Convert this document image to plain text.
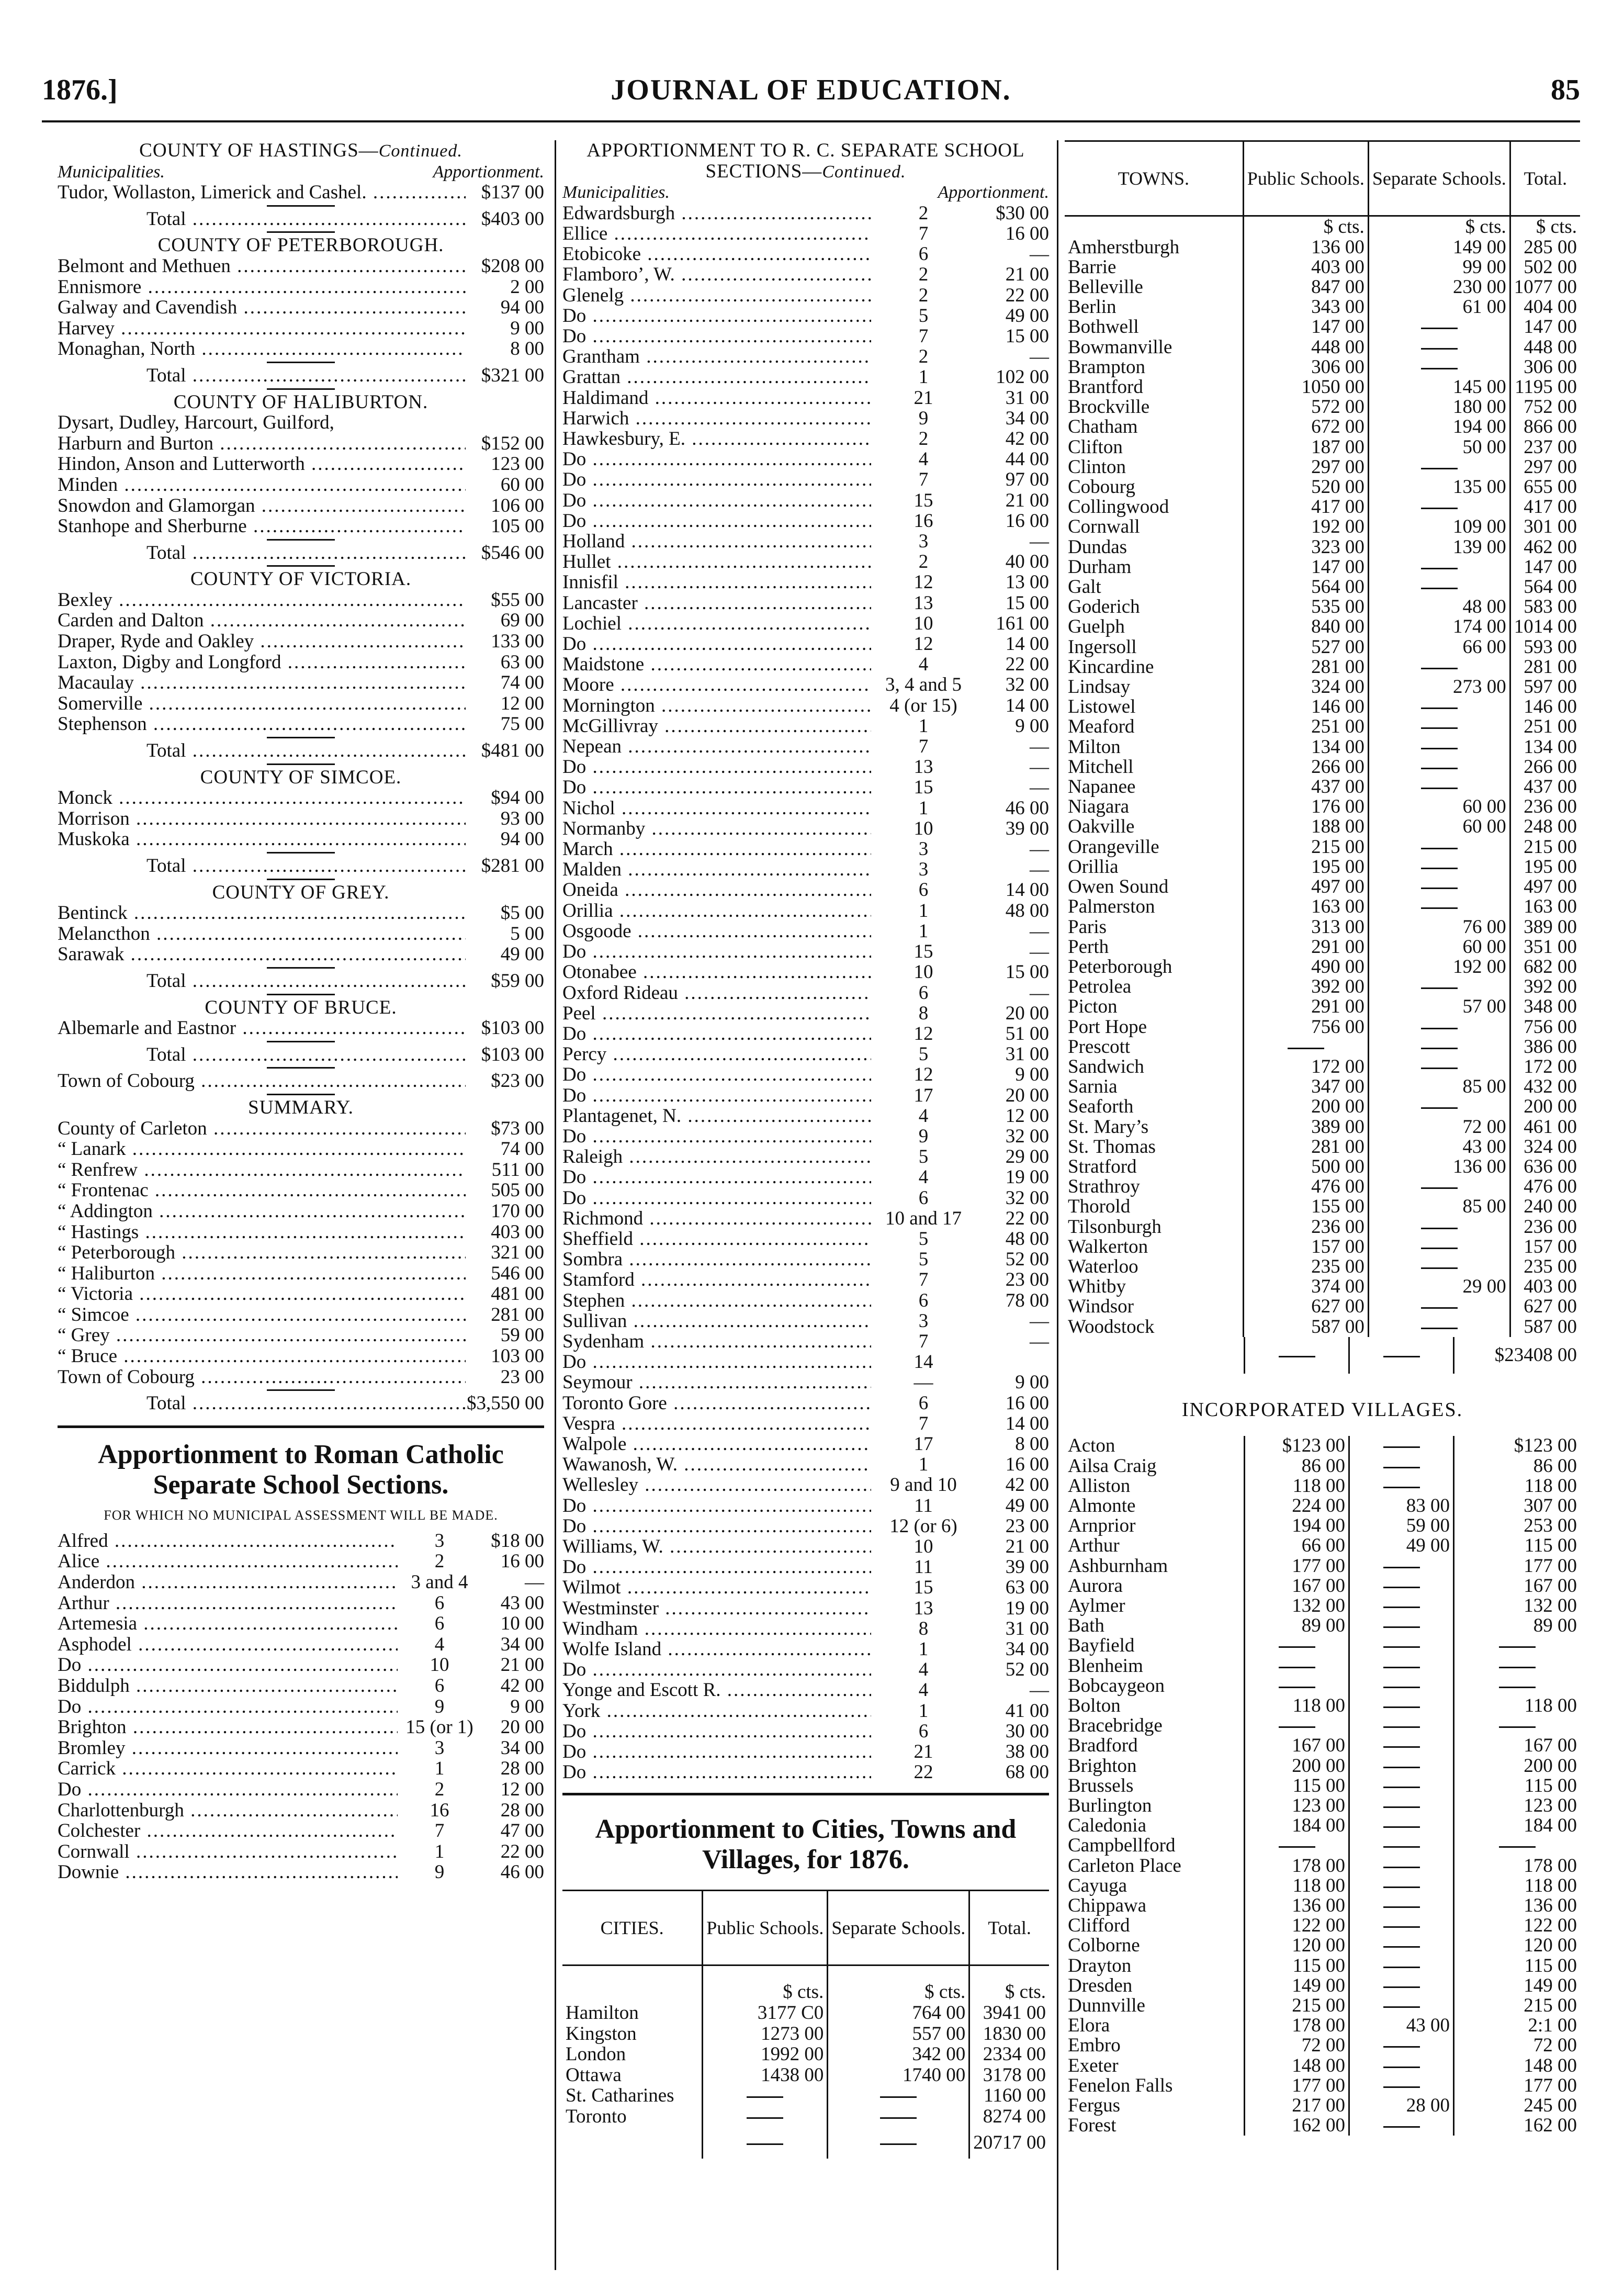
1876.]	JOURNAL OF EDUCATION.	85
COUNTY OF HASTINGS—Continued.
Municipalities.	Apportionment.
Tudor, Wollaston, Limerick and Cashel. .....	$137 00
Total .....	$403 00
COUNTY OF PETERBOROUGH.
Belmont and Methuen .....	$208 00
Ennismore .....	2 00
Galway and Cavendish .....	94 00
Harvey .....	9 00
Monaghan, North .....	8 00
Total .....	$321 00
COUNTY OF HALIBURTON.
Dysart, Dudley, Harcourt, Guilford,
Harburn and Burton .....	$152 00
Hindon, Anson and Lutterworth .....	123 00
Minden .....	60 00
Snowdon and Glamorgan .....	106 00
Stanhope and Sherburne .....	105 00
Total .....	$546 00
COUNTY OF VICTORIA.
Bexley .....	$55 00
Carden and Dalton .....	69 00
Draper, Ryde and Oakley .....	133 00
Laxton, Digby and Longford .....	63 00
Macaulay .....	74 00
Somerville .....	12 00
Stephenson .....	75 00
Total .....	$481 00
COUNTY OF SIMCOE.
Monck .....	$94 00
Morrison .....	93 00
Muskoka .....	94 00
Total .....	$281 00
COUNTY OF GREY.
Bentinck .....	$5 00
Melancthon .....	5 00
Sarawak .....	49 00
Total .....	$59 00
COUNTY OF BRUCE.
Albemarle and Eastnor .....	$103 00
Total .....	$103 00
Town of Cobourg .....	$23 00
SUMMARY.
County of Carleton .....	$73 00
“ Lanark .....	74 00
“ Renfrew .....	511 00
“ Frontenac .....	505 00
“ Addington .....	170 00
“ Hastings .....	403 00
“ Peterborough .....	321 00
“ Haliburton .....	546 00
“ Victoria .....	481 00
“ Simcoe .....	281 00
“ Grey .....	59 00
“ Bruce .....	103 00
Town of Cobourg .....	23 00
Total .....	$3,550 00
Apportionment to Roman Catholic Separate School Sections.
FOR WHICH NO MUNICIPAL ASSESSMENT WILL BE MADE.
Alfred .....	3	$18 00
Alice .....	2	16 00
Anderdon .....	3 and 4	—
Arthur .....	6	43 00
Artemesia .....	6	10 00
Asphodel .....	4	34 00
Do .....	10	21 00
Biddulph .....	6	42 00
Do .....	9	9 00
Brighton .....	15 (or 1)	20 00
Bromley .....	3	34 00
Carrick .....	1	28 00
Do .....	2	12 00
Charlottenburgh .....	16	28 00
Colchester .....	7	47 00
Cornwall .....	1	22 00
Downie .....	9	46 00
APPORTIONMENT TO R. C. SEPARATE SCHOOL SECTIONS—Continued.
Municipalities.	Apportionment.
Edwardsburgh .....	2	$30 00
Ellice .....	7	16 00
Etobicoke .....	6	—
Flamboro’, W. .....	2	21 00
Glenelg .....	2	22 00
Do .....	5	49 00
Do .....	7	15 00
Grantham .....	2	—
Grattan .....	1	102 00
Haldimand .....	21	31 00
Harwich .....	9	34 00
Hawkesbury, E. .....	2	42 00
Do .....	4	44 00
Do .....	7	97 00
Do .....	15	21 00
Do .....	16	16 00
Holland .....	3	—
Hullet .....	2	40 00
Innisfil .....	12	13 00
Lancaster .....	13	15 00
Lochiel .....	10	161 00
Do .....	12	14 00
Maidstone .....	4	22 00
Moore .....	3, 4 and 5	32 00
Mornington .....	4 (or 15)	14 00
McGillivray .....	1	9 00
Nepean .....	7	—
Do .....	13	—
Do .....	15	—
Nichol .....	1	46 00
Normanby .....	10	39 00
March .....	3	—
Malden .....	3	—
Oneida .....	6	14 00
Orillia .....	1	48 00
Osgoode .....	1	—
Do .....	15	—
Otonabee .....	10	15 00
Oxford Rideau .....	6	—
Peel .....	8	20 00
Do .....	12	51 00
Percy .....	5	31 00
Do .....	12	9 00
Do .....	17	20 00
Plantagenet, N. .....	4	12 00
Do .....	9	32 00
Raleigh .....	5	29 00
Do .....	4	19 00
Do .....	6	32 00
Richmond .....	10 and 17	22 00
Sheffield .....	5	48 00
Sombra .....	5	52 00
Stamford .....	7	23 00
Stephen .....	6	78 00
Sullivan .....	3	—
Sydenham .....	7	—
Do .....	14
Seymour .....	—	9 00
Toronto Gore .....	6	16 00
Vespra .....	7	14 00
Walpole .....	17	8 00
Wawanosh, W. .....	1	16 00
Wellesley .....	9 and 10	42 00
Do .....	11	49 00
Do .....	12 (or 6)	23 00
Williams, W. .....	10	21 00
Do .....	11	39 00
Wilmot .....	15	63 00
Westminster .....	13	19 00
Windham .....	8	31 00
Wolfe Island .....	1	34 00
Do .....	4	52 00
Yonge and Escott R. .....	4	—
York .....	1	41 00
Do .....	6	30 00
Do .....	21	38 00
Do .....	22	68 00
Apportionment to Cities, Towns and Villages, for 1876.
CITIES.	Public Schools.	Separate Schools.	Total.
	$ cts.	$ cts.	$ cts.
Hamilton	3177 C0	764 00	3941 00
Kingston	1273 00	557 00	1830 00
London	1992 00	342 00	2334 00
Ottawa	1438 00	1740 00	3178 00
St. Catharines			1160 00
Toronto			8274 00
			20717 00
TOWNS.	Public Schools.	Separate Schools.	Total.
	$ cts.	$ cts.	$ cts.
Amherstburgh	136 00	149 00	285 00
Barrie	403 00	99 00	502 00
Belleville	847 00	230 00	1077 00
Berlin	343 00	61 00	404 00
Bothwell	147 00		147 00
Bowmanville	448 00		448 00
Brampton	306 00		306 00
Brantford	1050 00	145 00	1195 00
Brockville	572 00	180 00	752 00
Chatham	672 00	194 00	866 00
Clifton	187 00	50 00	237 00
Clinton	297 00		297 00
Cobourg	520 00	135 00	655 00
Collingwood	417 00		417 00
Cornwall	192 00	109 00	301 00
Dundas	323 00	139 00	462 00
Durham	147 00		147 00
Galt	564 00		564 00
Goderich	535 00	48 00	583 00
Guelph	840 00	174 00	1014 00
Ingersoll	527 00	66 00	593 00
Kincardine	281 00		281 00
Lindsay	324 00	273 00	597 00
Listowel	146 00		146 00
Meaford	251 00		251 00
Milton	134 00		134 00
Mitchell	266 00		266 00
Napanee	437 00		437 00
Niagara	176 00	60 00	236 00
Oakville	188 00	60 00	248 00
Orangeville	215 00		215 00
Orillia	195 00		195 00
Owen Sound	497 00		497 00
Palmerston	163 00		163 00
Paris	313 00	76 00	389 00
Perth	291 00	60 00	351 00
Peterborough	490 00	192 00	682 00
Petrolea	392 00		392 00
Picton	291 00	57 00	348 00
Port Hope	756 00		756 00
Prescott			386 00
Sandwich	172 00		172 00
Sarnia	347 00	85 00	432 00
Seaforth	200 00		200 00
St. Mary’s	389 00	72 00	461 00
St. Thomas	281 00	43 00	324 00
Stratford	500 00	136 00	636 00
Strathroy	476 00		476 00
Thorold	155 00	85 00	240 00
Tilsonburgh	236 00		236 00
Walkerton	157 00		157 00
Waterloo	235 00		235 00
Whitby	374 00	29 00	403 00
Windsor	627 00		627 00
Woodstock	587 00		587 00
			$23408 00
INCORPORATED VILLAGES.
Acton	$123 00		$123 00
Ailsa Craig	86 00		86 00
Alliston	118 00		118 00
Almonte	224 00	83 00	307 00
Arnprior	194 00	59 00	253 00
Arthur	66 00	49 00	115 00
Ashburnham	177 00		177 00
Aurora	167 00		167 00
Aylmer	132 00		132 00
Bath	89 00		89 00
Bayfield			
Blenheim			
Bobcaygeon			
Bolton	118 00		118 00
Bracebridge			
Bradford	167 00		167 00
Brighton	200 00		200 00
Brussels	115 00		115 00
Burlington	123 00		123 00
Caledonia	184 00		184 00
Campbellford			
Carleton Place	178 00		178 00
Cayuga	118 00		118 00
Chippawa	136 00		136 00
Clifford	122 00		122 00
Colborne	120 00		120 00
Drayton	115 00		115 00
Dresden	149 00		149 00
Dunnville	215 00		215 00
Elora	178 00	43 00	2:1 00
Embro	72 00		72 00
Exeter	148 00		148 00
Fenelon Falls	177 00		177 00
Fergus	217 00	28 00	245 00
Forest	162 00		162 00
